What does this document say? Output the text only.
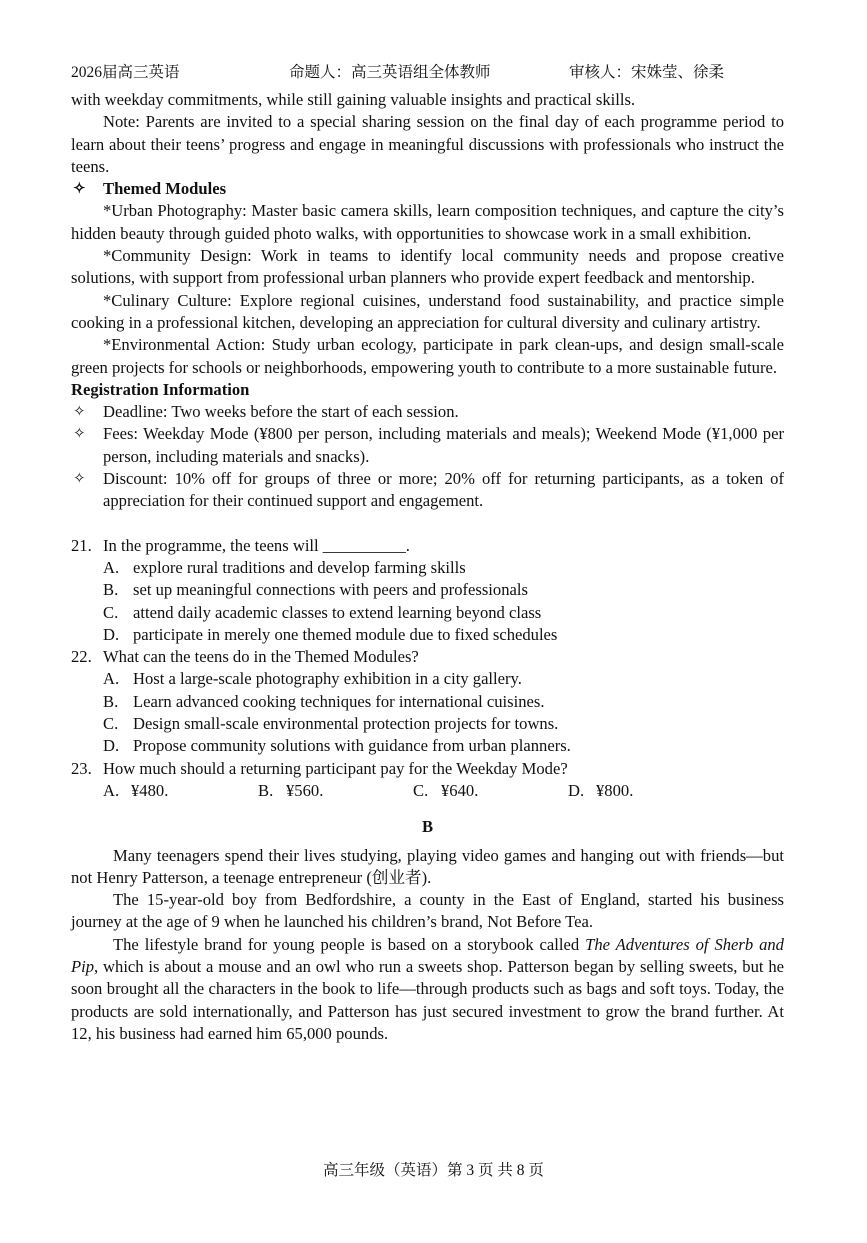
2026届高三英语	命题人：高三英语组全体教师	审核人：宋姝莹、徐柔

with weekday commitments, while still gaining valuable insights and practical skills.

Note: Parents are invited to a special sharing session on the final day of each programme period to learn about their teens’ progress and engage in meaningful discussions with professionals who instruct the teens.

✧ Themed Modules

*Urban Photography: Master basic camera skills, learn composition techniques, and capture the city’s hidden beauty through guided photo walks, with opportunities to showcase work in a small exhibition.

*Community Design: Work in teams to identify local community needs and propose creative solutions, with support from professional urban planners who provide expert feedback and mentorship.

*Culinary Culture: Explore regional cuisines, understand food sustainability, and practice simple cooking in a professional kitchen, developing an appreciation for cultural diversity and culinary artistry.

*Environmental Action: Study urban ecology, participate in park clean-ups, and design small-scale green projects for schools or neighborhoods, empowering youth to contribute to a more sustainable future.

Registration Information

✧ Deadline: Two weeks before the start of each session.
✧ Fees: Weekday Mode (¥800 per person, including materials and meals); Weekend Mode (¥1,000 per person, including materials and snacks).
✧ Discount: 10% off for groups of three or more; 20% off for returning participants, as a token of appreciation for their continued support and engagement.
21. In the programme, the teens will __________.
A. explore rural traditions and develop farming skills
B. set up meaningful connections with peers and professionals
C. attend daily academic classes to extend learning beyond class
D. participate in merely one themed module due to fixed schedules
22. What can the teens do in the Themed Modules?
A. Host a large-scale photography exhibition in a city gallery.
B. Learn advanced cooking techniques for international cuisines.
C. Design small-scale environmental protection projects for towns.
D. Propose community solutions with guidance from urban planners.
23. How much should a returning participant pay for the Weekday Mode?
A. ¥480.	B. ¥560.	C. ¥640.	D. ¥800.
B

Many teenagers spend their lives studying, playing video games and hanging out with friends—but not Henry Patterson, a teenage entrepreneur (创业者).

The 15-year-old boy from Bedfordshire, a county in the East of England, started his business journey at the age of 9 when he launched his children’s brand, Not Before Tea.

The lifestyle brand for young people is based on a storybook called The Adventures of Sherb and Pip, which is about a mouse and an owl who run a sweets shop. Patterson began by selling sweets, but he soon brought all the characters in the book to life—through products such as bags and soft toys. Today, the products are sold internationally, and Patterson has just secured investment to grow the brand further. At 12, his business had earned him 65,000 pounds.

高三年级（英语）第 3 页 共 8 页
